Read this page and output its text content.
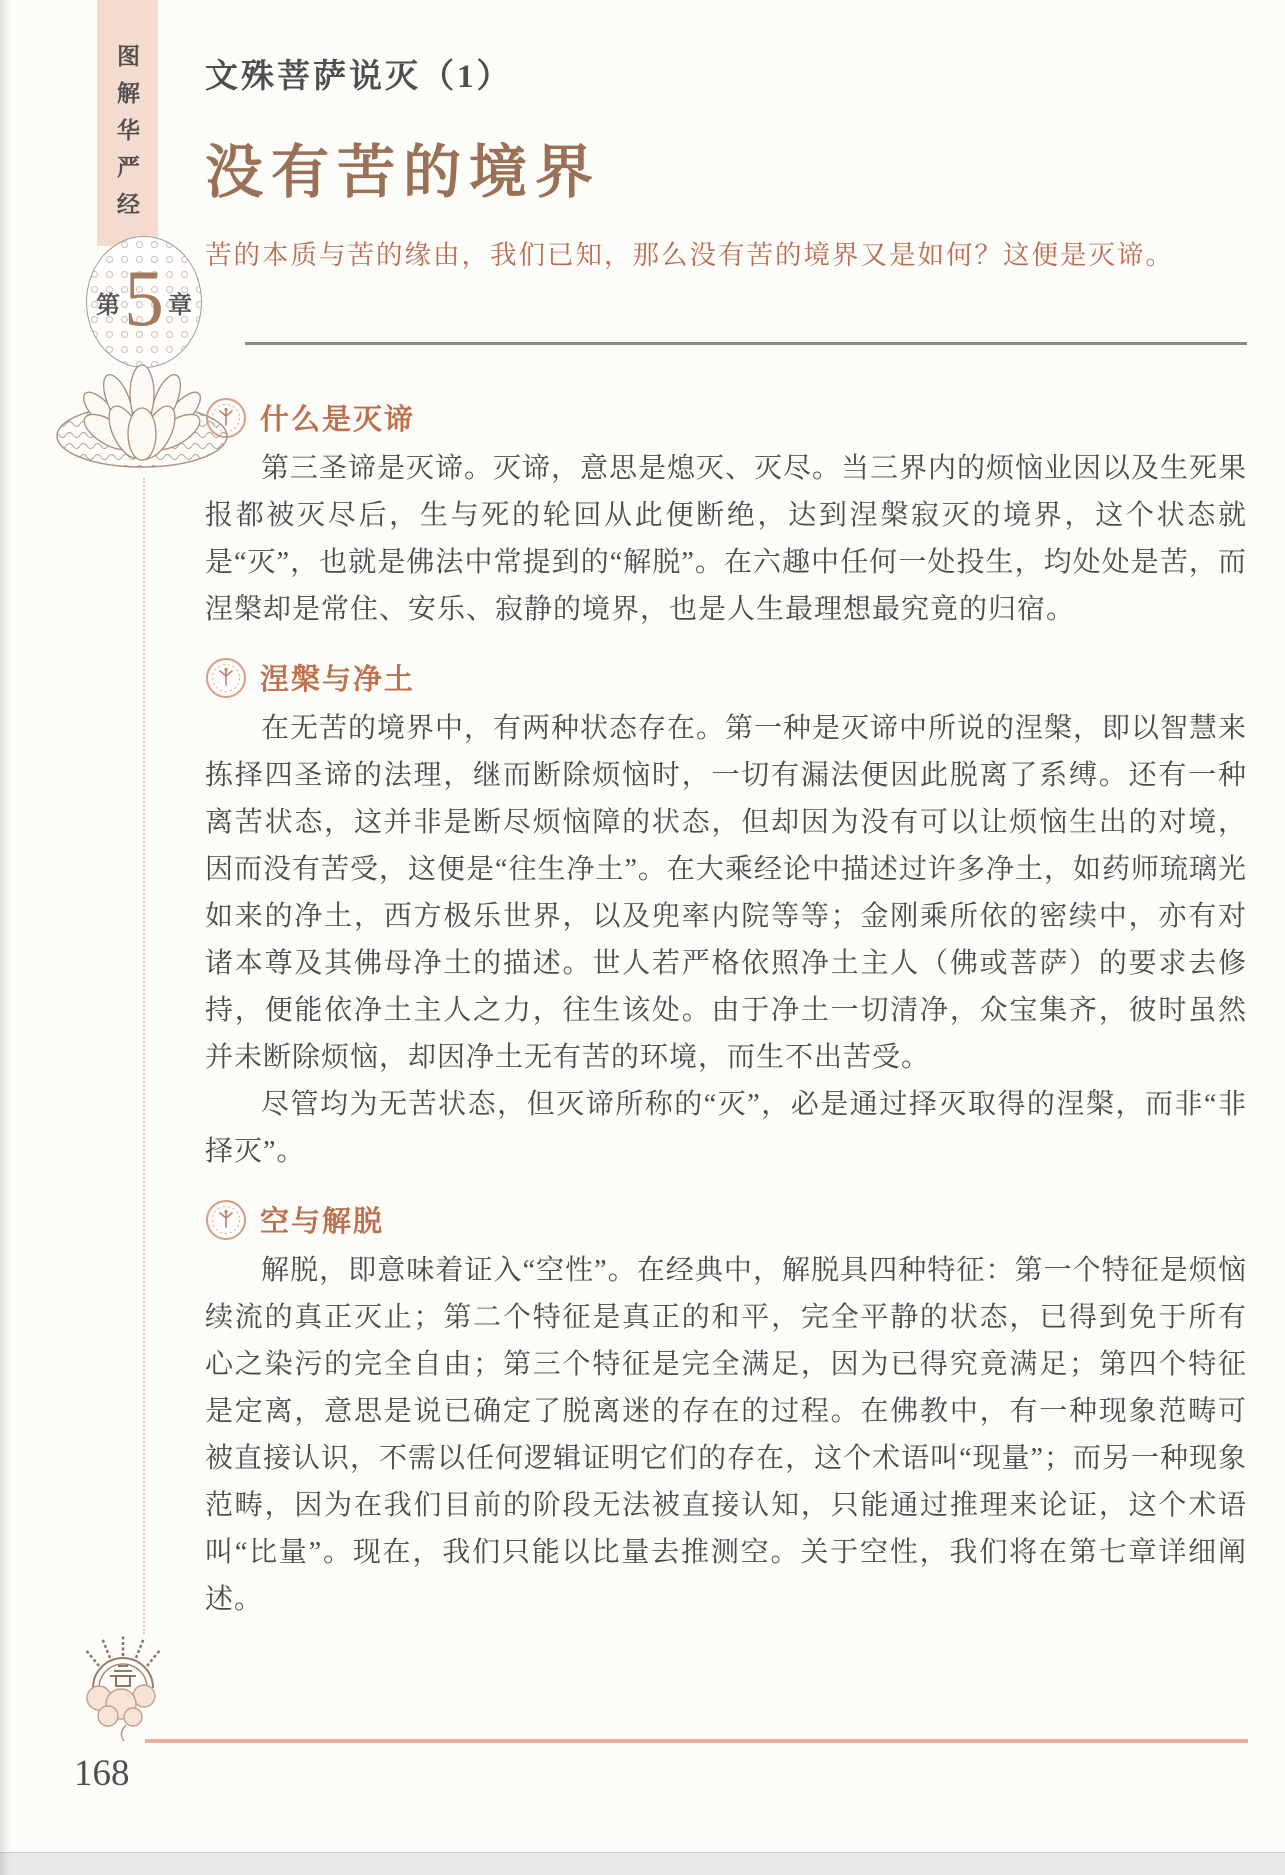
图解华严经
第 5 章
168
文殊菩萨说灭（1）
没有苦的境界
苦的本质与苦的缘由，我们已知，那么没有苦的境界又是如何？这便是灭谛。
什么是灭谛

第三圣谛是灭谛。灭谛，意思是熄灭、灭尽。当三界内的烦恼业因以及生死果报都被灭尽后，生与死的轮回从此便断绝，达到涅槃寂灭的境界，这个状态就是“灭”，也就是佛法中常提到的“解脱”。在六趣中任何一处投生，均处处是苦，而涅槃却是常住、安乐、寂静的境界，也是人生最理想最究竟的归宿。

涅槃与净土

在无苦的境界中，有两种状态存在。第一种是灭谛中所说的涅槃，即以智慧来拣择四圣谛的法理，继而断除烦恼时，一切有漏法便因此脱离了系缚。还有一种离苦状态，这并非是断尽烦恼障的状态，但却因为没有可以让烦恼生出的对境，因而没有苦受，这便是“往生净土”。在大乘经论中描述过许多净土，如药师琉璃光如来的净土，西方极乐世界，以及兜率内院等等；金刚乘所依的密续中，亦有对诸本尊及其佛母净土的描述。世人若严格依照净土主人（佛或菩萨）的要求去修持，便能依净土主人之力，往生该处。由于净土一切清净，众宝集齐，彼时虽然并未断除烦恼，却因净土无有苦的环境，而生不出苦受。

尽管均为无苦状态，但灭谛所称的“灭”，必是通过择灭取得的涅槃，而非“非择灭”。

空与解脱

解脱，即意味着证入“空性”。在经典中，解脱具四种特征：第一个特征是烦恼续流的真正灭止；第二个特征是真正的和平，完全平静的状态，已得到免于所有心之染污的完全自由；第三个特征是完全满足，因为已得究竟满足；第四个特征是定离，意思是说已确定了脱离迷的存在的过程。在佛教中，有一种现象范畴可被直接认识，不需以任何逻辑证明它们的存在，这个术语叫“现量”；而另一种现象范畴，因为在我们目前的阶段无法被直接认知，只能通过推理来论证，这个术语叫“比量”。现在，我们只能以比量去推测空。关于空性，我们将在第七章详细阐述。
